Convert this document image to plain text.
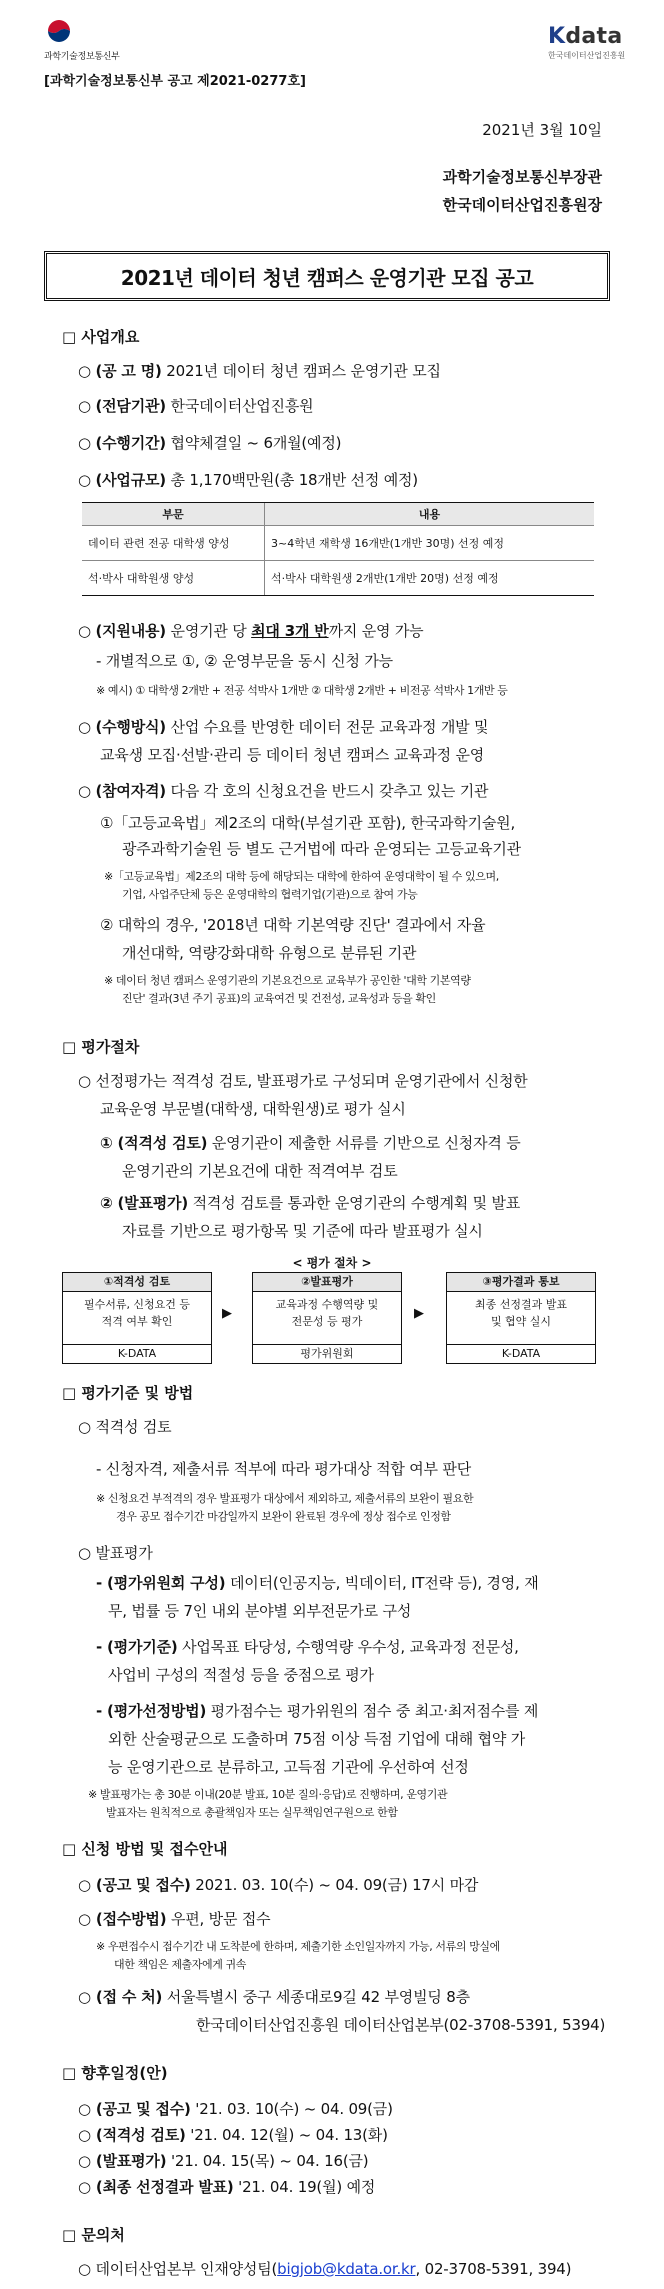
과학기술정보통신부
Kdata
한국데이터산업진흥원
[과학기술정보통신부 공고 제2021-0277호]
2021년 3월 10일
과학기술정보통신부장관
한국데이터산업진흥원장
2021년 데이터 청년 캠퍼스 운영기관 모집 공고
□ 사업개요
○ (공 고 명) 2021년 데이터 청년 캠퍼스 운영기관 모집
○ (전담기관) 한국데이터산업진흥원
○ (수행기간) 협약체결일 ~ 6개월(예정)
○ (사업규모) 총 1,170백만원(총 18개반 선정 예정)
부문	내용
데이터 관련 전공 대학생 양성	3~4학년 재학생 16개반(1개반 30명) 선정 예정
석·박사 대학원생 양성	석·박사 대학원생 2개반(1개반 20명) 선정 예정
○ (지원내용) 운영기관 당 최대 3개 반까지 운영 가능
- 개별적으로 ①, ② 운영부문을 동시 신청 가능
※ 예시) ① 대학생 2개반 + 전공 석박사 1개반 ② 대학생 2개반 + 비전공 석박사 1개반 등
○ (수행방식) 산업 수요를 반영한 데이터 전문 교육과정 개발 및
교육생 모집·선발·관리 등 데이터 청년 캠퍼스 교육과정 운영
○ (참여자격) 다음 각 호의 신청요건을 반드시 갖추고 있는 기관
①「고등교육법」제2조의 대학(부설기관 포함), 한국과학기술원,
광주과학기술원 등 별도 근거법에 따라 운영되는 고등교육기관
※「고등교육법」제2조의 대학 등에 해당되는 대학에 한하여 운영대학이 될 수 있으며,
기업, 사업주단체 등은 운영대학의 협력기업(기관)으로 참여 가능
② 대학의 경우, '2018년 대학 기본역량 진단' 결과에서 자율
개선대학, 역량강화대학 유형으로 분류된 기관
※ 데이터 청년 캠퍼스 운영기관의 기본요건으로 교육부가 공인한 '대학 기본역량
진단' 결과(3년 주기 공표)의 교육여건 및 건전성, 교육성과 등을 확인
□ 평가절차
○ 선정평가는 적격성 검토, 발표평가로 구성되며 운영기관에서 신청한
교육운영 부문별(대학생, 대학원생)로 평가 실시
① (적격성 검토) 운영기관이 제출한 서류를 기반으로 신청자격 등
운영기관의 기본요건에 대한 적격여부 검토
② (발표평가) 적격성 검토를 통과한 운영기관의 수행계획 및 발표
자료를 기반으로 평가항목 및 기준에 따라 발표평가 실시
< 평가 절차 >
①적격성 검토
필수서류, 신청요건 등
적격 여부 확인
K-DATA
▶
②발표평가
교육과정 수행역량 및
전문성 등 평가
평가위원회
▶
③평가결과 통보
최종 선정결과 발표
및 협약 실시
K-DATA
□ 평가기준 및 방법
○ 적격성 검토
- 신청자격, 제출서류 적부에 따라 평가대상 적합 여부 판단
※ 신청요건 부적격의 경우 발표평가 대상에서 제외하고, 제출서류의 보완이 필요한
경우 공모 접수기간 마감일까지 보완이 완료된 경우에 정상 접수로 인정함
○ 발표평가
- (평가위원회 구성) 데이터(인공지능, 빅데이터, IT전략 등), 경영, 재
무, 법률 등 7인 내외 분야별 외부전문가로 구성
- (평가기준) 사업목표 타당성, 수행역량 우수성, 교육과정 전문성,
사업비 구성의 적절성 등을 중점으로 평가
- (평가선정방법) 평가점수는 평가위원의 점수 중 최고·최저점수를 제
외한 산술평균으로 도출하며 75점 이상 득점 기업에 대해 협약 가
능 운영기관으로 분류하고, 고득점 기관에 우선하여 선정
※ 발표평가는 총 30분 이내(20분 발표, 10분 질의·응답)로 진행하며, 운영기관
발표자는 원칙적으로 총괄책임자 또는 실무책임연구원으로 한함
□ 신청 방법 및 접수안내
○ (공고 및 접수) 2021. 03. 10(수) ~ 04. 09(금) 17시 마감
○ (접수방법) 우편, 방문 접수
※ 우편접수시 접수기간 내 도착분에 한하며, 제출기한 소인일자까지 가능, 서류의 망실에
대한 책임은 제출자에게 귀속
○ (접 수 처) 서울특별시 중구 세종대로9길 42 부영빌딩 8층
한국데이터산업진흥원 데이터산업본부(02-3708-5391, 5394)
□ 향후일정(안)
○ (공고 및 접수) '21. 03. 10(수) ~ 04. 09(금)
○ (적격성 검토) '21. 04. 12(월) ~ 04. 13(화)
○ (발표평가) '21. 04. 15(목) ~ 04. 16(금)
○ (최종 선정결과 발표) '21. 04. 19(월) 예정
□ 문의처
○ 데이터산업본부 인재양성팀(bigjob@kdata.or.kr, 02-3708-5391, 394)
